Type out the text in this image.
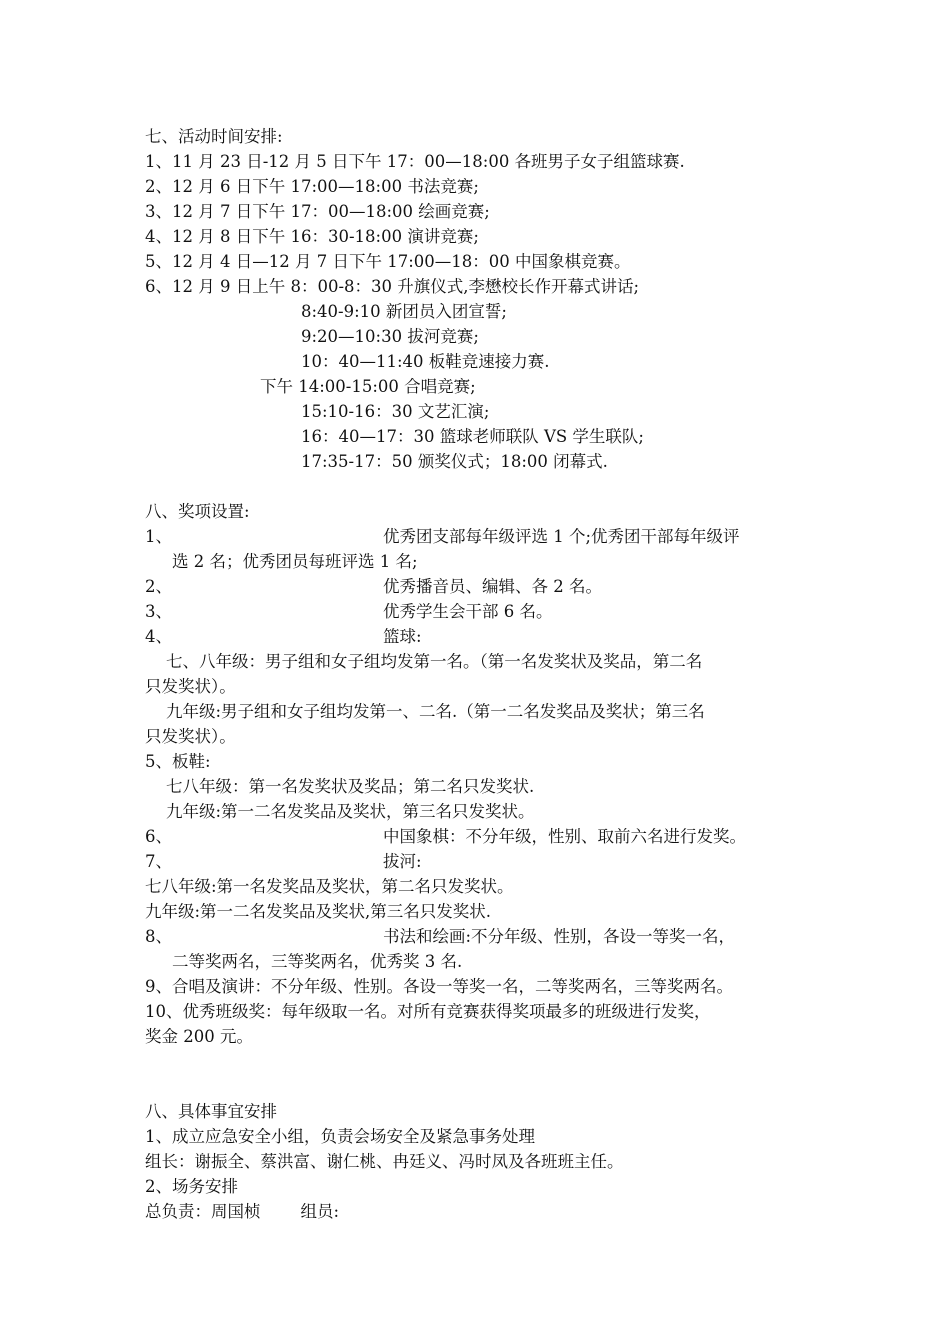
七、活动时间安排:
1、11 月 23 日-12 月 5 日下午 17：00—18:00 各班男子女子组篮球赛.
2、12 月 6 日下午 17:00—18:00 书法竞赛;
3、12 月 7 日下午 17：00—18:00 绘画竞赛;
4、12 月 8 日下午 16：30-18:00 演讲竞赛;
5、12 月 4 日—12 月 7 日下午 17:00—18：00 中国象棋竞赛。
6、12 月 9 日上午 8：00-8：30 升旗仪式,李懋校长作开幕式讲话;
8:40-9:10 新团员入团宣誓;
9:20—10:30 拔河竞赛;
10：40—11:40 板鞋竞速接力赛.
下午 14:00-15:00 合唱竞赛;
15:10-16：30 文艺汇演;
16：40—17：30 篮球老师联队 VS 学生联队;
17:35-17：50 颁奖仪式；18:00 闭幕式.
八、奖项设置:
1、	优秀团支部每年级评选 1 个;优秀团干部每年级评
选 2 名；优秀团员每班评选 1 名;
2、	优秀播音员、编辑、各 2 名。
3、	优秀学生会干部 6 名。
4、	篮球:
七、八年级：男子组和女子组均发第一名。（第一名发奖状及奖品，第二名
只发奖状）。
九年级:男子组和女子组均发第一、二名.（第一二名发奖品及奖状；第三名
只发奖状）。
5、板鞋:
七八年级：第一名发奖状及奖品；第二名只发奖状.
九年级:第一二名发奖品及奖状，第三名只发奖状。
6、	中国象棋：不分年级，性别、取前六名进行发奖。
7、	拔河:
七八年级:第一名发奖品及奖状，第二名只发奖状。
九年级:第一二名发奖品及奖状,第三名只发奖状.
8、	书法和绘画:不分年级、性别，各设一等奖一名，
二等奖两名，三等奖两名，优秀奖 3 名.
9、合唱及演讲：不分年级、性别。各设一等奖一名，二等奖两名，三等奖两名。
10、优秀班级奖：每年级取一名。对所有竞赛获得奖项最多的班级进行发奖，
奖金 200 元。
八、具体事宜安排
1、成立应急安全小组，负责会场安全及紧急事务处理
组长：谢振全、蔡洪富、谢仁桃、冉廷义、冯时凤及各班班主任。
2、场务安排
总负责：周国桢 组员:
